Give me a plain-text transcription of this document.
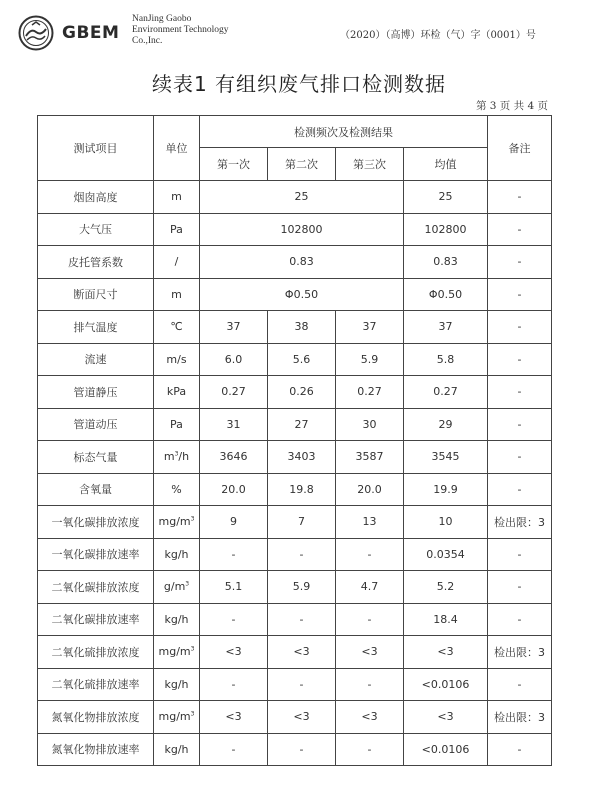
GBEM
NanJing Gaobo
Environment Technology
Co.,Inc.	（2020）（高博）环检（气）字（0001）号
续表1 有组织废气排口检测数据
第 3 页 共 4 页
测试项目	单位	检测频次及检测结果				备注
		第一次	第二次	第三次	均值	
烟囱高度	m	25			25	-
大气压	Pa	102800			102800	-
皮托管系数	/	0.83			0.83	-
断面尺寸	m	Φ0.50			Φ0.50	-
排气温度	℃	37	38	37	37	-
流速	m/s	6.0	5.6	5.9	5.8	-
管道静压	kPa	0.27	0.26	0.27	0.27	-
管道动压	Pa	31	27	30	29	-
标态气量	$m^3/h$	3646	3403	3587	3545	-
含氧量	%	20.0	19.8	20.0	19.9	-
一氧化碳排放浓度	$mg/m^3$	9	7	13	10	检出限：3
一氧化碳排放速率	kg/h	-	-	-	0.0354	-
二氧化碳排放浓度	$g/m^3$	5.1	5.9	4.7	5.2	-
二氧化碳排放速率	kg/h	-	-	-	18.4	-
二氧化硫排放浓度	$mg/m^3$	<3	<3	<3	<3	检出限：3
二氧化硫排放速率	kg/h	-	-	-	<0.0106	-
氮氧化物排放浓度	$mg/m^3$	<3	<3	<3	<3	检出限：3
氮氧化物排放速率	kg/h	-	-	-	<0.0106	-
